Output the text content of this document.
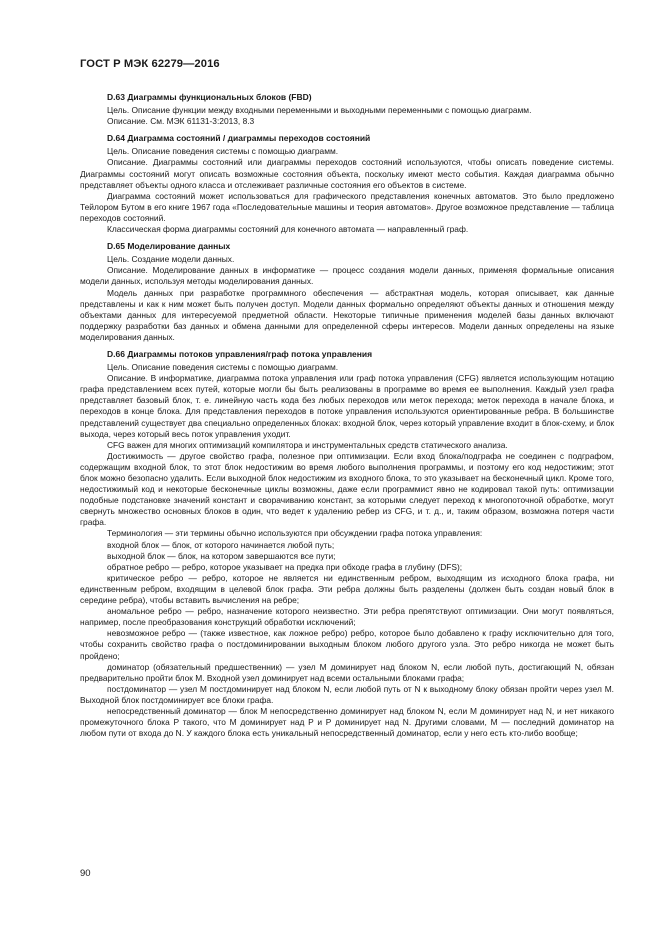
ГОСТ Р МЭК 62279—2016
D.63 Диаграммы функциональных блоков (FBD)

Цель. Описание функции между входными переменными и выходными переменными с помощью диаграмм.

Описание. См. МЭК 61131-3:2013, 8.3

D.64 Диаграмма состояний / диаграммы переходов состояний

Цель. Описание поведения системы с помощью диаграмм.

Описание. Диаграммы состояний или диаграммы переходов состояний используются, чтобы описать поведение системы. Диаграммы состояний могут описать возможные состояния объекта, поскольку имеют место события. Каждая диаграмма обычно представляет объекты одного класса и отслеживает различные состояния его объектов в системе.

Диаграмма состояний может использоваться для графического представления конечных автоматов. Это было предложено Тейлором Бутом в его книге 1967 года «Последовательные машины и теория автоматов». Другое возможное представление — таблица переходов состояний.

Классическая форма диаграммы состояний для конечного автомата — направленный граф.

D.65 Моделирование данных

Цель. Создание модели данных.

Описание. Моделирование данных в информатике — процесс создания модели данных, применяя формальные описания модели данных, используя методы моделирования данных.

Модель данных при разработке программного обеспечения — абстрактная модель, которая описывает, как данные представлены и как к ним может быть получен доступ. Модели данных формально определяют объекты данных и отношения между объектами данных для интересуемой предметной области. Некоторые типичные применения моделей базы данных включают поддержку разработки баз данных и обмена данными для определенной сферы интересов. Модели данных определены на языке моделирования данных.

D.66 Диаграммы потоков управления/граф потока управления

Цель. Описание поведения системы с помощью диаграмм.

Описание. В информатике, диаграмма потока управления или граф потока управления (CFG) является использующим нотацию графа представлением всех путей, которые могли бы быть реализованы в программе во время ее выполнения. Каждый узел графа представляет базовый блок, т. е. линейную часть кода без любых переходов или меток перехода; меток перехода в начале блока, и переходов в конце блока. Для представления переходов в потоке управления используются ориентированные ребра. В большинстве представлений существует два специально определенных блоках: входной блок, через который управление входит в блок-схему, и блок выхода, через который весь поток управления уходит.

CFG важен для многих оптимизаций компилятора и инструментальных средств статического анализа.

Достижимость — другое свойство графа, полезное при оптимизации. Если вход блока/подграфа не соединен с подграфом, содержащим входной блок, то этот блок недостижим во время любого выполнения программы, и поэтому его код недостижим; этот блок можно безопасно удалить. Если выходной блок недостижим из входного блока, то это указывает на бесконечный цикл. Кроме того, недостижимый код и некоторые бесконечные циклы возможны, даже если программист явно не кодировал такой путь: оптимизации подобные подстановке значений констант и сворачиванию констант, за которыми следует переход к многопоточной обработке, могут свернуть множество основных блоков в один, что ведет к удалению ребер из CFG, и т. д., и, таким образом, возможна потеря части графа.

Терминология — эти термины обычно используются при обсуждении графа потока управления:

входной блок — блок, от которого начинается любой путь;

выходной блок — блок, на котором завершаются все пути;

обратное ребро — ребро, которое указывает на предка при обходе графа в глубину (DFS);

критическое ребро — ребро, которое не является ни единственным ребром, выходящим из исходного блока графа, ни единственным ребром, входящим в целевой блок графа. Эти ребра должны быть разделены (должен быть создан новый блок в середине ребра), чтобы вставить вычисления на ребре;

аномальное ребро — ребро, назначение которого неизвестно. Эти ребра препятствуют оптимизации. Они могут появляться, например, после преобразования конструкций обработки исключений;

невозможное ребро — (также известное, как ложное ребро) ребро, которое было добавлено к графу исключительно для того, чтобы сохранить свойство графа о постдоминировании выходным блоком любого другого узла. Это ребро никогда не может быть пройдено;

доминатор (обязательный предшественник) — узел M доминирует над блоком N, если любой путь, достигающий N, обязан предварительно пройти блок M. Входной узел доминирует над всеми остальными блоками графа;

постдоминатор — узел M постдоминирует над блоком N, если любой путь от N к выходному блоку обязан пройти через узел M. Выходной блок постдоминирует все блоки графа.

непосредственный доминатор — блок M непосредственно доминирует над блоком N, если M доминирует над N, и нет никакого промежуточного блока P такого, что M доминирует над P и P доминирует над N. Другими словами, M — последний доминатор на любом пути от входа до N. У каждого блока есть уникальный непосредственный доминатор, если у него есть кто-либо вообще;

90
